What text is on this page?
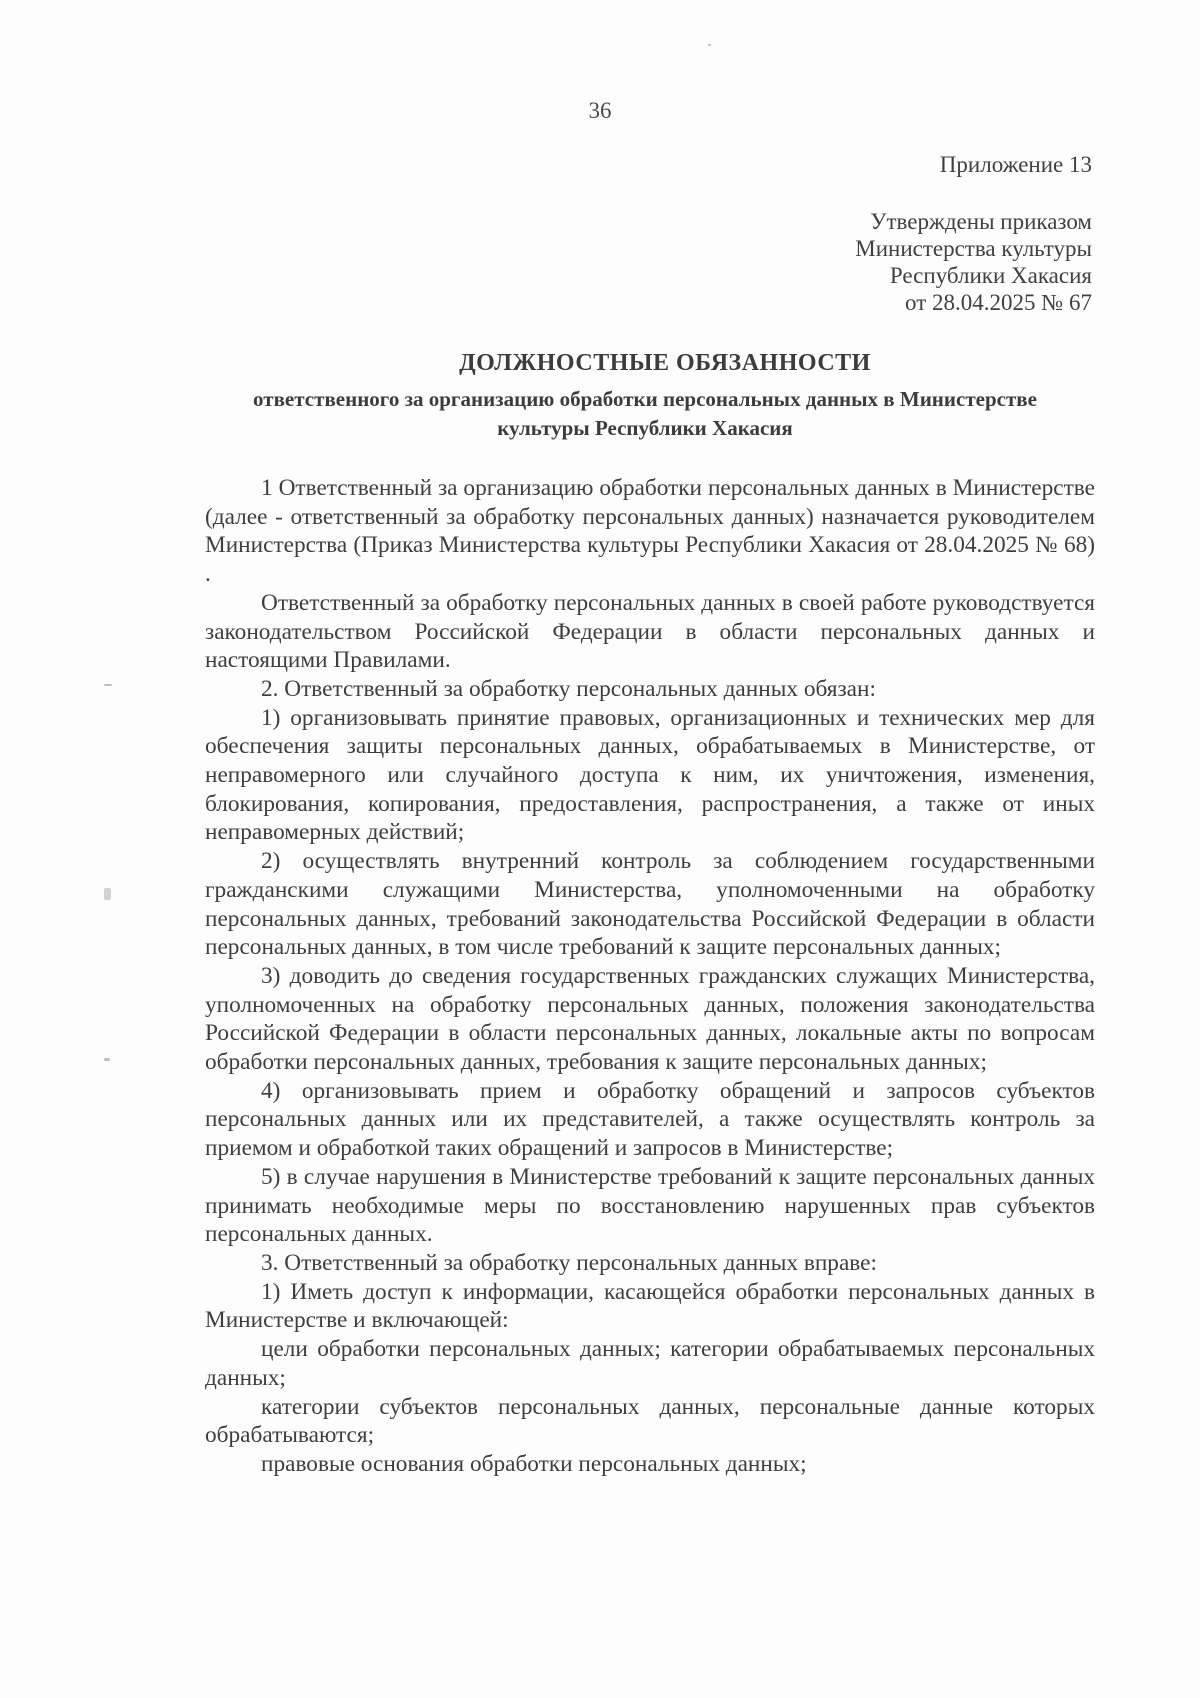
36
Приложение 13
Утверждены приказом
Министерства культуры
Республики Хакасия
от 28.04.2025 № 67
ДОЛЖНОСТНЫЕ ОБЯЗАННОСТИ
ответственного за организацию обработки персональных данных в Министерстве культуры Республики Хакасия

1 Ответственный за организацию обработки персональных данных в Министерстве (далее - ответственный за обработку персональных данных) назначается руководителем Министерства (Приказ Министерства культуры Республики Хакасия от 28.04.2025 № 68) .

Ответственный за обработку персональных данных в своей работе руководствуется законодательством Российской Федерации в области персональных данных и настоящими Правилами.

2. Ответственный за обработку персональных данных обязан:

1) организовывать принятие правовых, организационных и технических мер для обеспечения защиты персональных данных, обрабатываемых в Министерстве, от неправомерного или случайного доступа к ним, их уничтожения, изменения, блокирования, копирования, предоставления, распространения, а также от иных неправомерных действий;

2) осуществлять внутренний контроль за соблюдением государственными гражданскими служащими Министерства, уполномоченными на обработку персональных данных, требований законодательства Российской Федерации в области персональных данных, в том числе требований к защите персональных данных;

3) доводить до сведения государственных гражданских служащих Министерства, уполномоченных на обработку персональных данных, положения законодательства Российской Федерации в области персональных данных, локальные акты по вопросам обработки персональных данных, требования к защите персональных данных;

4) организовывать прием и обработку обращений и запросов субъектов персональных данных или их представителей, а также осуществлять контроль за приемом и обработкой таких обращений и запросов в Министерстве;

5) в случае нарушения в Министерстве требований к защите персональных данных принимать необходимые меры по восстановлению нарушенных прав субъектов персональных данных.

3. Ответственный за обработку персональных данных вправе:

1) Иметь доступ к информации, касающейся обработки персональных данных в Министерстве и включающей:

цели обработки персональных данных; категории обрабатываемых персональных данных;

категории субъектов персональных данных, персональные данные которых обрабатываются;

правовые основания обработки персональных данных;
